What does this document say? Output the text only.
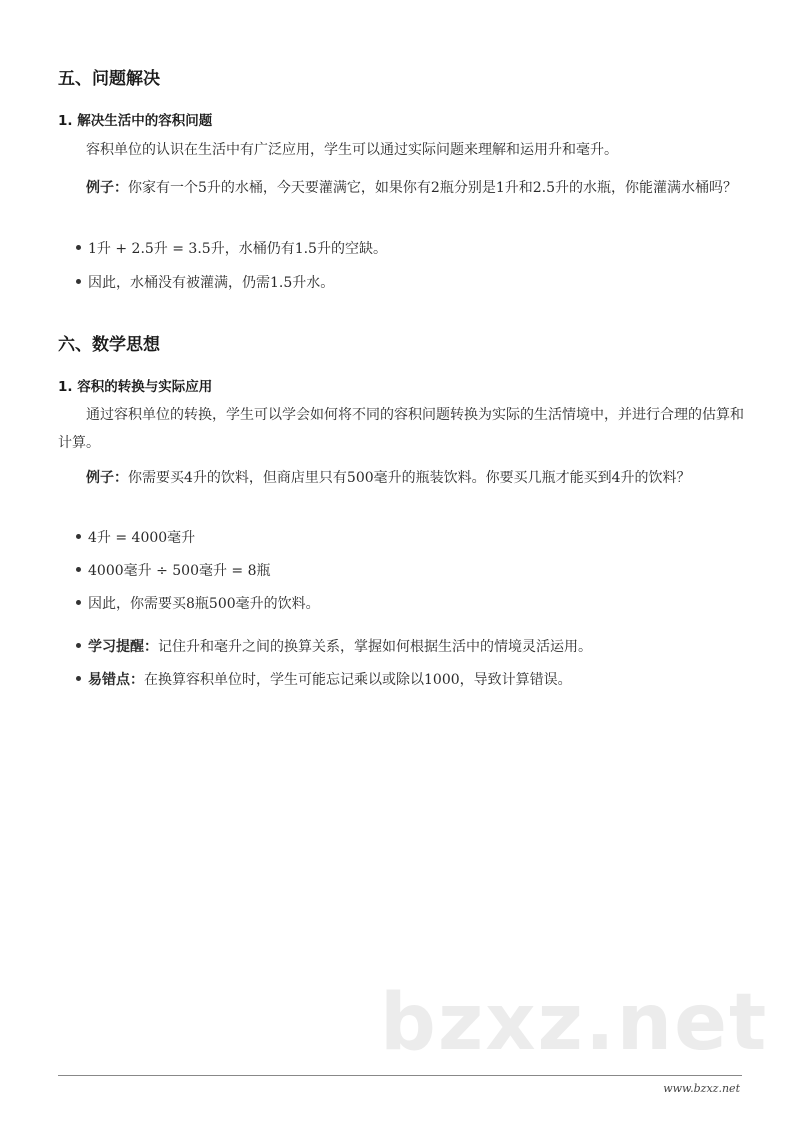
五、问题解决
1. 解决生活中的容积问题

容积单位的认识在生活中有广泛应用，学生可以通过实际问题来理解和运用升和毫升。

例子：你家有一个5升的水桶，今天要灌满它，如果你有2瓶分别是1升和2.5升的水瓶，你能灌满水桶吗？

1升 + 2.5升 = 3.5升，水桶仍有1.5升的空缺。
因此，水桶没有被灌满，仍需1.5升水。
六、数学思想
1. 容积的转换与实际应用

通过容积单位的转换，学生可以学会如何将不同的容积问题转换为实际的生活情境中，并进行合理的估算和计算。

例子：你需要买4升的饮料，但商店里只有500毫升的瓶装饮料。你要买几瓶才能买到4升的饮料？

4升 = 4000毫升
4000毫升 ÷ 500毫升 = 8瓶
因此，你需要买8瓶500毫升的饮料。
学习提醒：记住升和毫升之间的换算关系，掌握如何根据生活中的情境灵活运用。
易错点：在换算容积单位时，学生可能忘记乘以或除以1000，导致计算错误。
bzxz.net
www.bzxz.net
